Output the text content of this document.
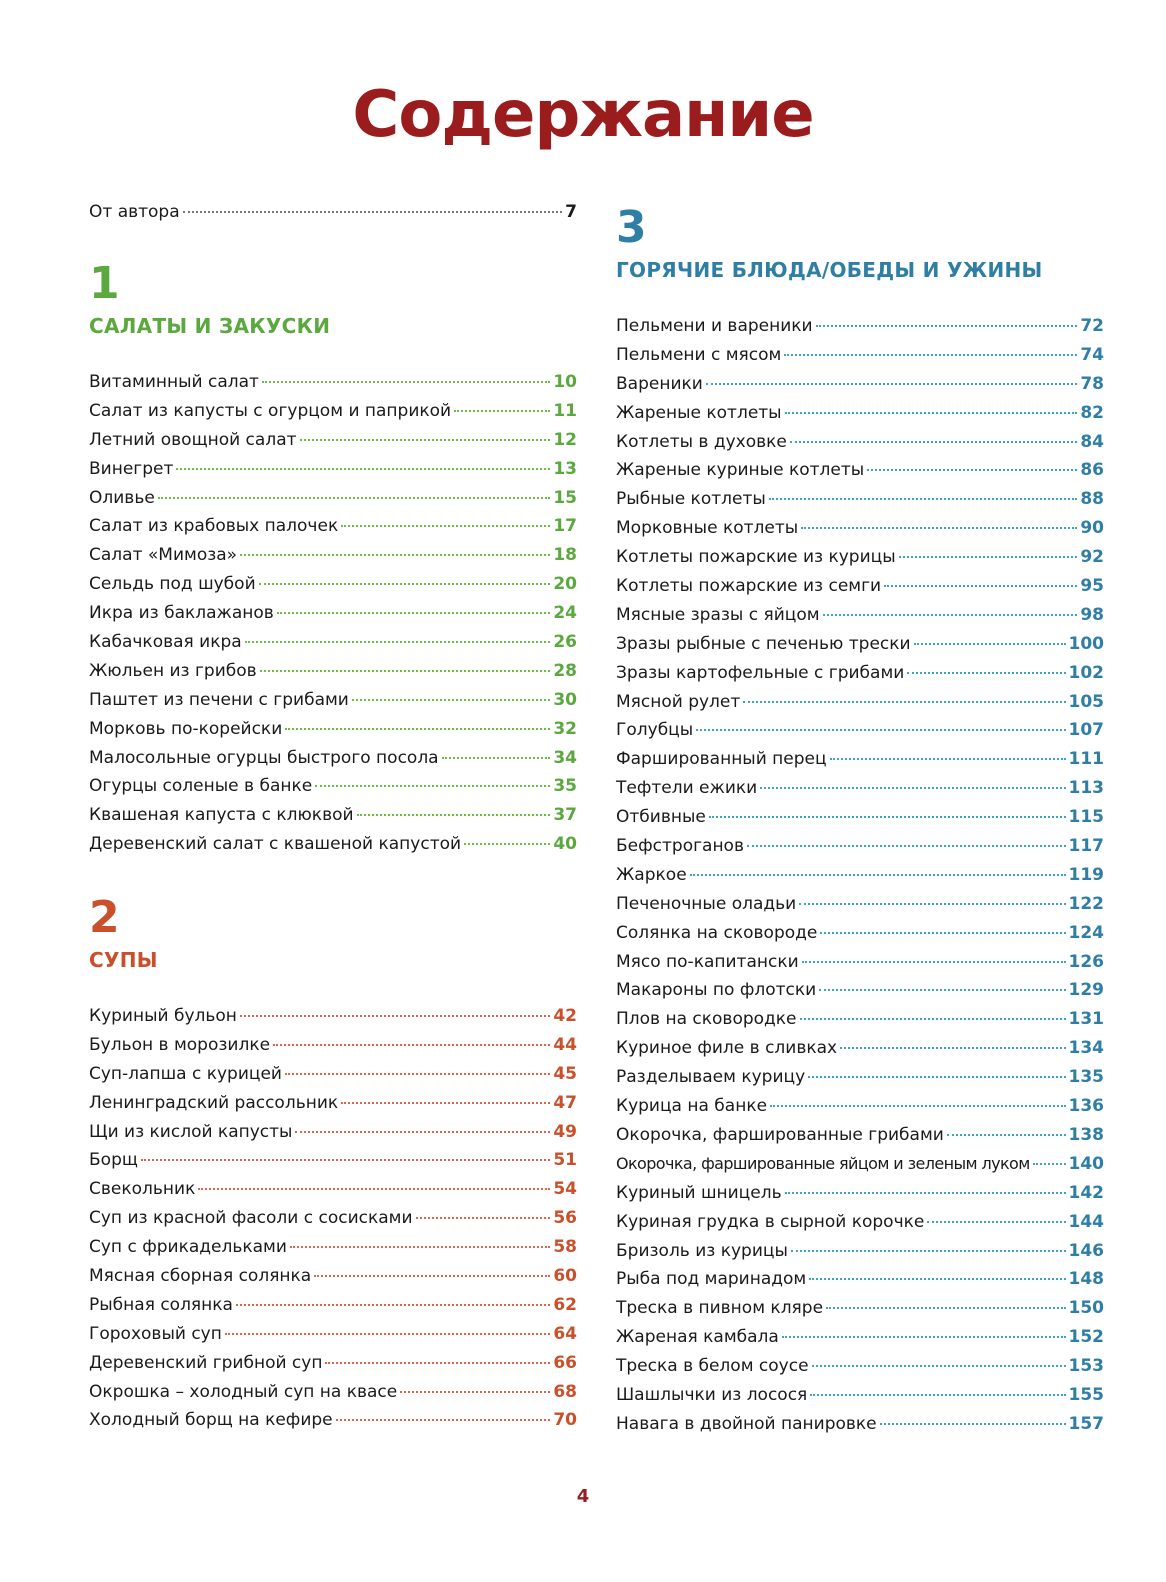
Содержание
От автора	7
1
САЛАТЫ И ЗАКУСКИ
Витаминный салат	10
Салат из капусты с огурцом и паприкой	11
Летний овощной салат	12
Винегрет	13
Оливье	15
Салат из крабовых палочек	17
Салат «Мимоза»	18
Сельдь под шубой	20
Икра из баклажанов	24
Кабачковая икра	26
Жюльен из грибов	28
Паштет из печени с грибами	30
Морковь по-корейски	32
Малосольные огурцы быстрого посола	34
Огурцы соленые в банке	35
Квашеная капуста с клюквой	37
Деревенский салат с квашеной капустой	40
2
СУПЫ
Куриный бульон	42
Бульон в морозилке	44
Суп-лапша с курицей	45
Ленинградский рассольник	47
Щи из кислой капусты	49
Борщ	51
Свекольник	54
Суп из красной фасоли с сосисками	56
Суп с фрикадельками	58
Мясная сборная солянка	60
Рыбная солянка	62
Гороховый суп	64
Деревенский грибной суп	66
Окрошка – холодный суп на квасе	68
Холодный борщ на кефире	70
3
ГОРЯЧИЕ БЛЮДА/ОБЕДЫ И УЖИНЫ
Пельмени и вареники	72
Пельмени с мясом	74
Вареники	78
Жареные котлеты	82
Котлеты в духовке	84
Жареные куриные котлеты	86
Рыбные котлеты	88
Морковные котлеты	90
Котлеты пожарские из курицы	92
Котлеты пожарские из семги	95
Мясные зразы с яйцом	98
Зразы рыбные с печенью трески	100
Зразы картофельные с грибами	102
Мясной рулет	105
Голубцы	107
Фаршированный перец	111
Тефтели ежики	113
Отбивные	115
Бефстроганов	117
Жаркое	119
Печеночные оладьи	122
Солянка на сковороде	124
Мясо по-капитански	126
Макароны по флотски	129
Плов на сковородке	131
Куриное филе в сливках	134
Разделываем курицу	135
Курица на банке	136
Окорочка, фаршированные грибами	138
Окорочка, фаршированные яйцом и зеленым луком 140
Куриный шницель	142
Куриная грудка в сырной корочке	144
Бризоль из курицы	146
Рыба под маринадом	148
Треска в пивном кляре	150
Жареная камбала	152
Треска в белом соусе	153
Шашлычки из лосося	155
Навага в двойной панировке	157
4
